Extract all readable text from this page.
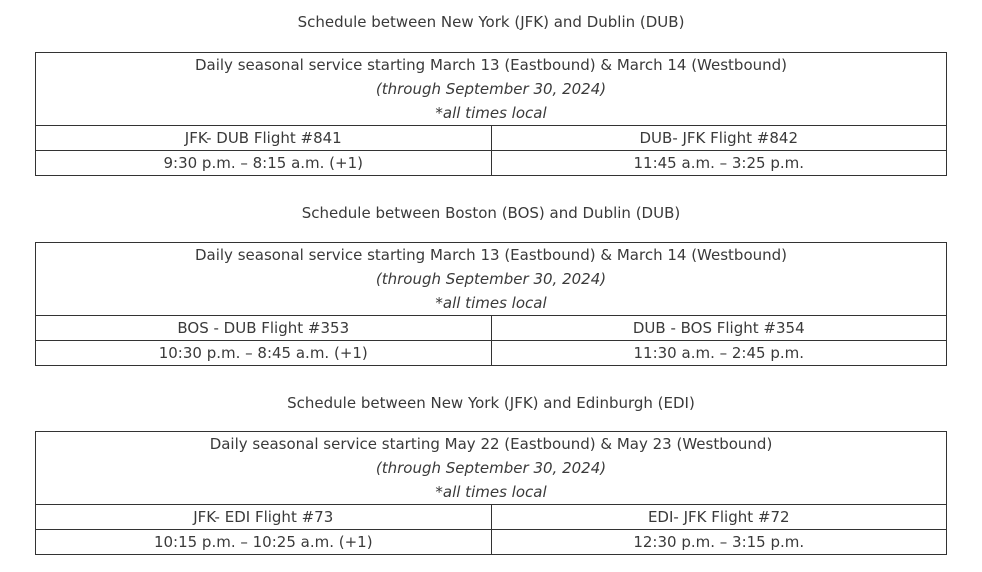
Schedule between New York (JFK) and Dublin (DUB)
Daily seasonal service starting March 13 (Eastbound) & March 14 (Westbound)
(through September 30, 2024)
*all times local	

JFK- DUB Flight #841	DUB- JFK Flight #842
9:30 p.m. – 8:15 a.m. (+1)	11:45 a.m. – 3:25 p.m.
Schedule between Boston (BOS) and Dublin (DUB)
Daily seasonal service starting March 13 (Eastbound) & March 14 (Westbound)
(through September 30, 2024)
*all times local	

BOS - DUB Flight #353	DUB - BOS Flight #354
10:30 p.m. – 8:45 a.m. (+1)	11:30 a.m. – 2:45 p.m.
Schedule between New York (JFK) and Edinburgh (EDI)
Daily seasonal service starting May 22 (Eastbound) & May 23 (Westbound)
(through September 30, 2024)
*all times local	

JFK- EDI Flight #73	EDI- JFK Flight #72
10:15 p.m. – 10:25 a.m. (+1)	12:30 p.m. – 3:15 p.m.
